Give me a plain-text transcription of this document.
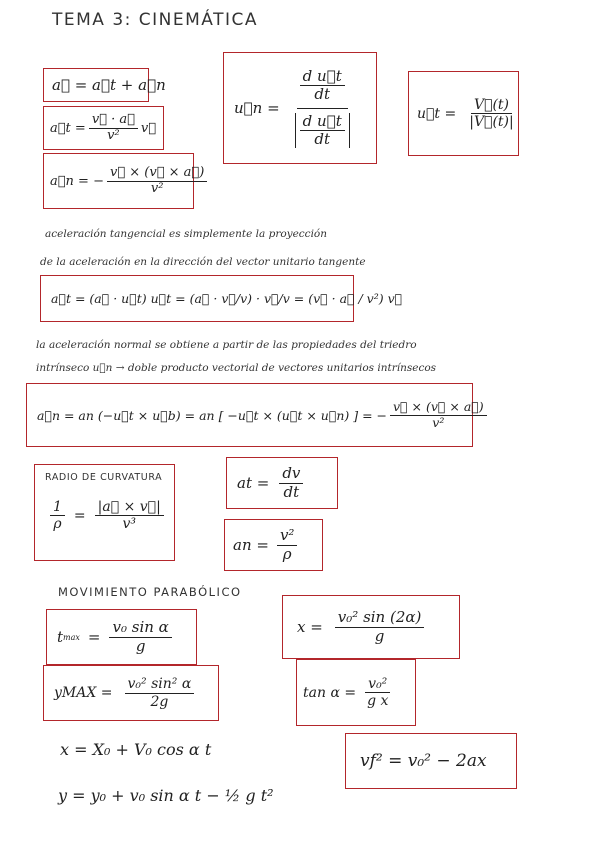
TEMA 3: CINEMÁTICA
a⃗ = a⃗t + a⃗n
a⃗t = $\frac{v⃗ \cdot a⃗}{\text{v²}}$ v⃗
a⃗n = − $\frac{v⃗ \times (v⃗ \times a⃗)}{\text{v²}}$
u⃗n = $\frac{\frac{\text{d u⃗t}}{dt}}{\frac{\text{d u⃗t}}{dt}}$	u⃗t = $\frac{V⃗(t)}{|V⃗(t)|}$
aceleración tangencial es simplemente la proyección
de la aceleración en la dirección del vector unitario tangente
a⃗t = (a⃗ · u⃗t) u⃗t = (a⃗ · v⃗/v) · v⃗/v = (v⃗ · a⃗ / v²) v⃗
la aceleración normal se obtiene a partir de las propiedades del triedro
intrínseco u⃗n → doble producto vectorial de vectores unitarios intrínsecos
a⃗n = an (−u⃗t × u⃗b) = an [ −u⃗t × (u⃗t × u⃗n) ] = − $\frac{v⃗ \times (v⃗ \times a⃗)}{\text{v²}}$
RADIO DE CURVATURA
$\frac{1}{\rho} = \frac{|a⃗ \times v⃗|}{\text{v³}}$
at = $\frac{dv}{dt}$
an = $\frac{\text{v²}}{\rho}$
MOVIMIENTO PARABÓLICO
t $\max = \frac{\text{v₀ sin α}}{g}$
yMAX = $\frac{\text{v₀² sin² α}}{2g}$
$x = \frac{\text{v₀² sin (2α)}}{g}$
$\tan \alpha = \frac{\text{v₀²}}{\text{g x}}$
vf² = v₀² − 2ax
x = X₀ + V₀ cos α t
y = y₀ + v₀ sin α t − ½ g t²
